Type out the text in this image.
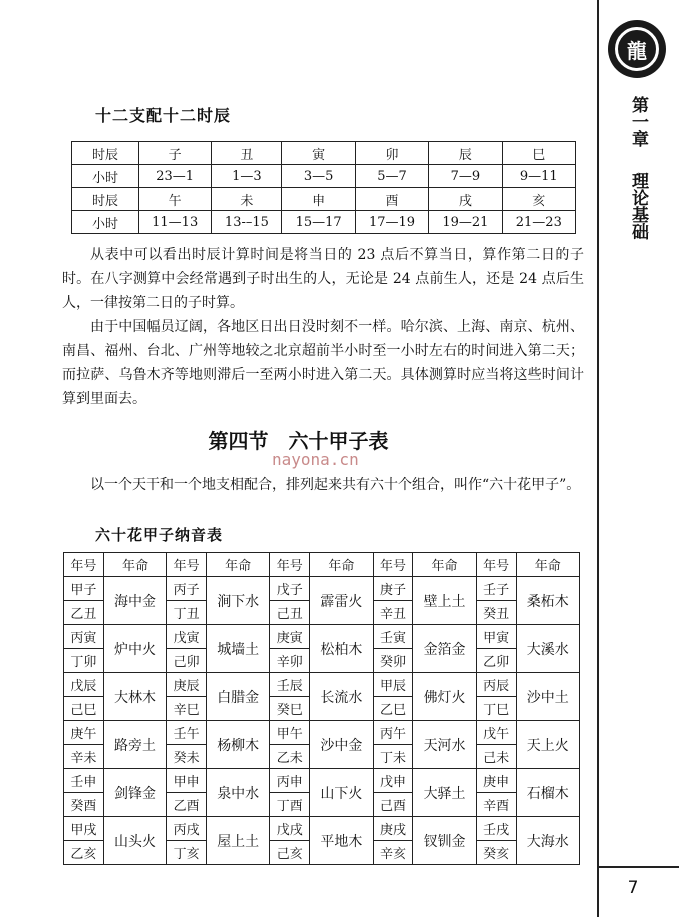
龍
第一章
理论基础
7
十二支配十二时辰
时辰	子	丑	寅	卯	辰	巳
小时	23—1	1—3	3—5	5—7	7—9	9—11
时辰	午	未	申	酉	戌	亥
小时	11—13	13-–15	15—17	17—19	19—21	21—23

从表中可以看出时辰计算时间是将当日的 23 点后不算当日，算作第二日的子时。在八字测算中会经常遇到子时出生的人，无论是 24 点前生人，还是 24 点后生人，一律按第二日的子时算。

由于中国幅员辽阔，各地区日出日没时刻不一样。哈尔滨、上海、南京、杭州、南昌、福州、台北、广州等地较之北京超前半小时至一小时左右的时间进入第二天；而拉萨、乌鲁木齐等地则滞后一至两小时进入第二天。具体测算时应当将这些时间计算到里面去。

第四节 六十甲子表
nayona.cn

以一个天干和一个地支相配合，排列起来共有六十个组合，叫作“六十花甲子”。

六十花甲子纳音表
年号	年命	年号	年命	年号	年命	年号	年命	年号	年命
甲子	海中金	丙子	涧下水	戊子	霹雷火	庚子	壁上土	壬子	桑柘木
乙丑		丁丑		己丑		辛丑		癸丑	
丙寅	炉中火	戊寅	城墙土	庚寅	松柏木	壬寅	金箔金	甲寅	大溪水
丁卯		己卯		辛卯		癸卯		乙卯	
戊辰	大林木	庚辰	白腊金	壬辰	长流水	甲辰	佛灯火	丙辰	沙中土
己巳		辛巳		癸巳		乙巳		丁巳	
庚午	路旁土	壬午	杨柳木	甲午	沙中金	丙午	天河水	戊午	天上火
辛未		癸未		乙未		丁未		己未	
壬申	剑锋金	甲申	泉中水	丙申	山下火	戊申	大驿土	庚申	石榴木
癸酉		乙酉		丁酉		己酉		辛酉	
甲戌	山头火	丙戌	屋上土	戊戌	平地木	庚戌	钗钏金	壬戌	大海水
乙亥		丁亥		己亥		辛亥		癸亥	
